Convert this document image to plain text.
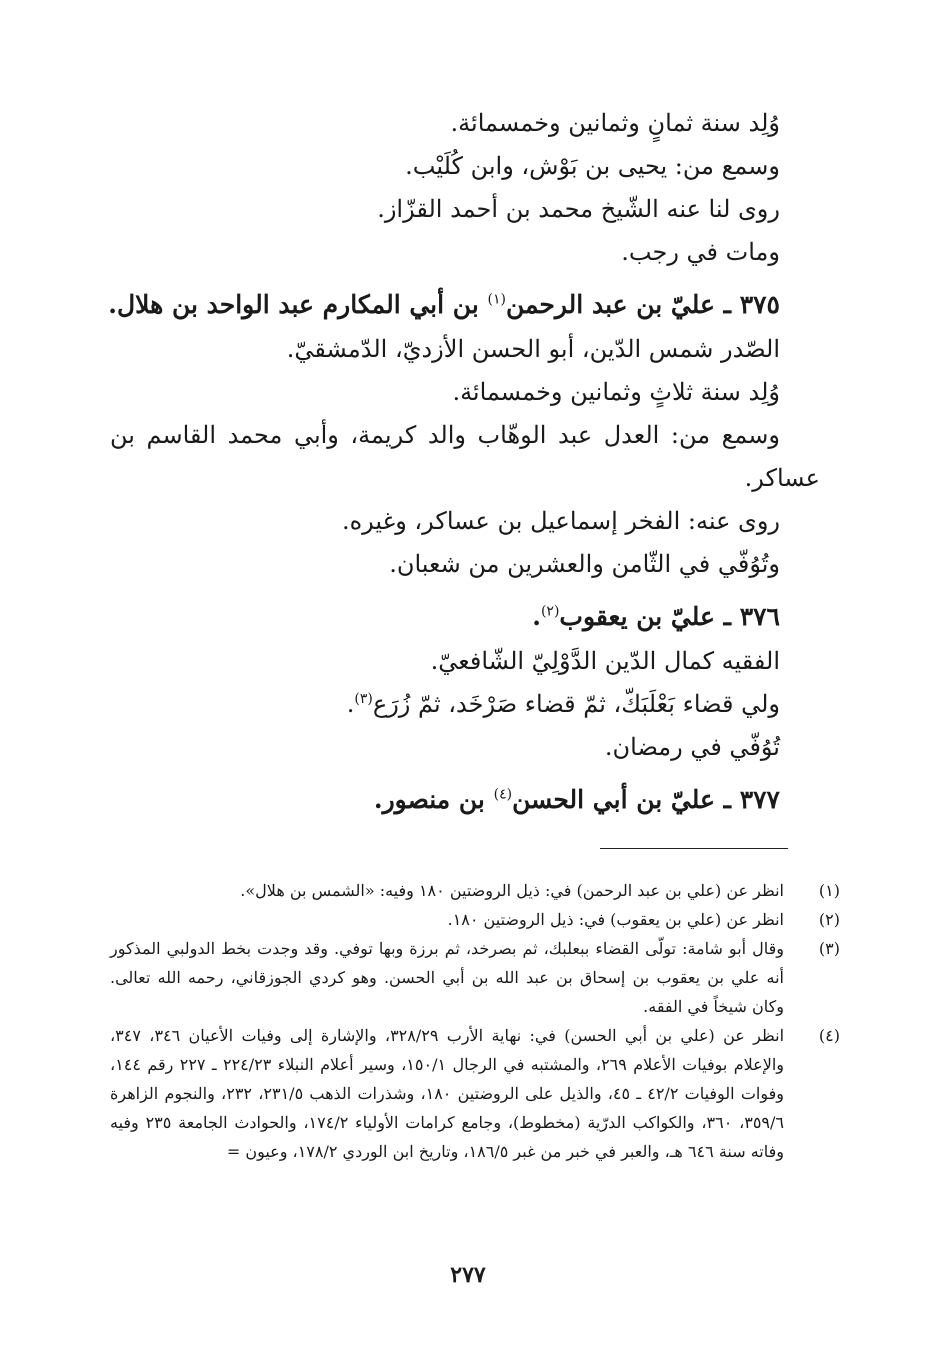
وُلِد سنة ثمانٍ وثمانين وخمسمائة.
وسمع من: يحيى بن بَوْش، وابن كُلَيْب.
روى لنا عنه الشّيخ محمد بن أحمد القزّاز.
ومات في رجب.
٣٧٥ ـ عليّ بن عبد الرحمن$^{(١)}$ بن أبي المكارم عبد الواحد بن هلال.
الصّدر شمس الدّين، أبو الحسن الأزديّ، الدّمشقيّ.
وُلِد سنة ثلاثٍ وثمانين وخمسمائة.
وسمع من: العدل عبد الوهّاب والد كريمة، وأبي محمد القاسم بن
عساكر.
روى عنه: الفخر إسماعيل بن عساكر، وغيره.
وتُوُفّي في الثّامن والعشرين من شعبان.
٣٧٦ ـ عليّ بن يعقوب$^{(٢)}$.
الفقيه كمال الدّين الدَّوْلِيّ الشّافعيّ.
ولي قضاء بَعْلَبَكّ، ثمّ قضاء صَرْخَد، ثمّ زُرَع$^{(٣)}$.
تُوُفّي في رمضان.
٣٧٧ ـ عليّ بن أبي الحسن$^{(٤)}$ بن منصور.
(١)
انظر عن (علي بن عبد الرحمن) في: ذيل الروضتين ١٨٠ وفيه: «الشمس بن هلال».
(٢)
انظر عن (علي بن يعقوب) في: ذيل الروضتين ١٨٠.
(٣)
وقال أبو شامة: تولّى القضاء ببعلبك، ثم بصرخد، ثم برزة وبها توفي. وقد وجدت بخط الدولبي المذكور أنه علي بن يعقوب بن إسحاق بن عبد الله بن أبي الحسن. وهو كردي الجوزقاني، رحمه الله تعالى. وكان شيخاً في الفقه.
(٤)
انظر عن (علي بن أبي الحسن) في: نهاية الأرب ٣٢٨/٢٩، والإشارة إلى وفيات الأعيان ٣٤٦، ٣٤٧، والإعلام بوفيات الأعلام ٢٦٩، والمشتبه في الرجال ١٥٠/١، وسير أعلام النبلاء ٢٢٤/٢٣ ـ ٢٢٧ رقم ١٤٤، وفوات الوفيات ٤٢/٢ ـ ٤٥، والذيل على الروضتين ١٨٠، وشذرات الذهب ٢٣١/٥، ٢٣٢، والنجوم الزاهرة ٣٥٩/٦، ٣٦٠، والكواكب الدرّية (مخطوط)، وجامع كرامات الأولياء ١٧٤/٢، والحوادث الجامعة ٢٣٥ وفيه وفاته سنة ٦٤٦ هـ، والعبر في خبر من غبر ١٨٦/٥، وتاريخ ابن الوردي ١٧٨/٢، وعيون =
٢٧٧
